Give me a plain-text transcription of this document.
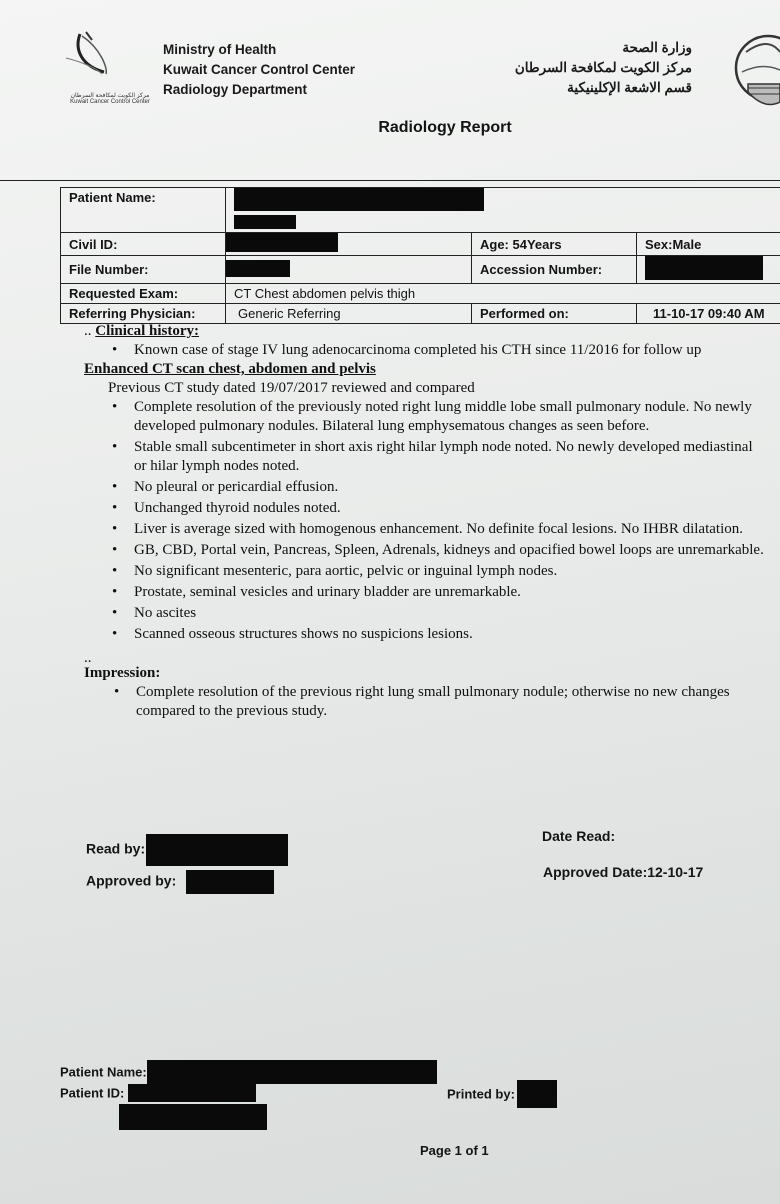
مركز الكويت لمكافحة السرطان
Kuwait Cancer Control Center
Ministry of Health
Kuwait Cancer Control Center
Radiology Department
وزارة الصحة
مركز الكويت لمكافحة السرطان
قسم الاشعة الإكلينيكية
Radiology Report
Patient Name:			

Civil ID:		Age: 54Years	Sex:Male
File Number:		Accession Number:	
Requested Exam:	CT Chest abdomen pelvis thigh		
Referring Physician:	Generic Referring	Performed on:	11-10-17 09:40 AM
.. Clinical history:
• Known case of stage IV lung adenocarcinoma completed his CTH since 11/2016 for follow up
Enhanced CT scan chest, abdomen and pelvis
Previous CT study dated 19/07/2017 reviewed and compared
• Complete resolution of the previously noted right lung middle lobe small pulmonary nodule. No newly developed pulmonary nodules. Bilateral lung emphysematous changes as seen before.
• Stable small subcentimeter in short axis right hilar lymph node noted. No newly developed mediastinal or hilar lymph nodes noted.
• No pleural or pericardial effusion.
• Unchanged thyroid nodules noted.
• Liver is average sized with homogenous enhancement. No definite focal lesions. No IHBR dilatation.
• GB, CBD, Portal vein, Pancreas, Spleen, Adrenals, kidneys and opacified bowel loops are unremarkable.
• No significant mesenteric, para aortic, pelvic or inguinal lymph nodes.
• Prostate, seminal vesicles and urinary bladder are unremarkable.
• No ascites
• Scanned osseous structures shows no suspicions lesions.
..
Impression:
• Complete resolution of the previous right lung small pulmonary nodule; otherwise no new changes compared to the previous study.
Read by:
Approved by:
Date Read:
Approved Date:12-10-17
Patient Name:
Patient ID:	Printed by:
Page 1 of 1
